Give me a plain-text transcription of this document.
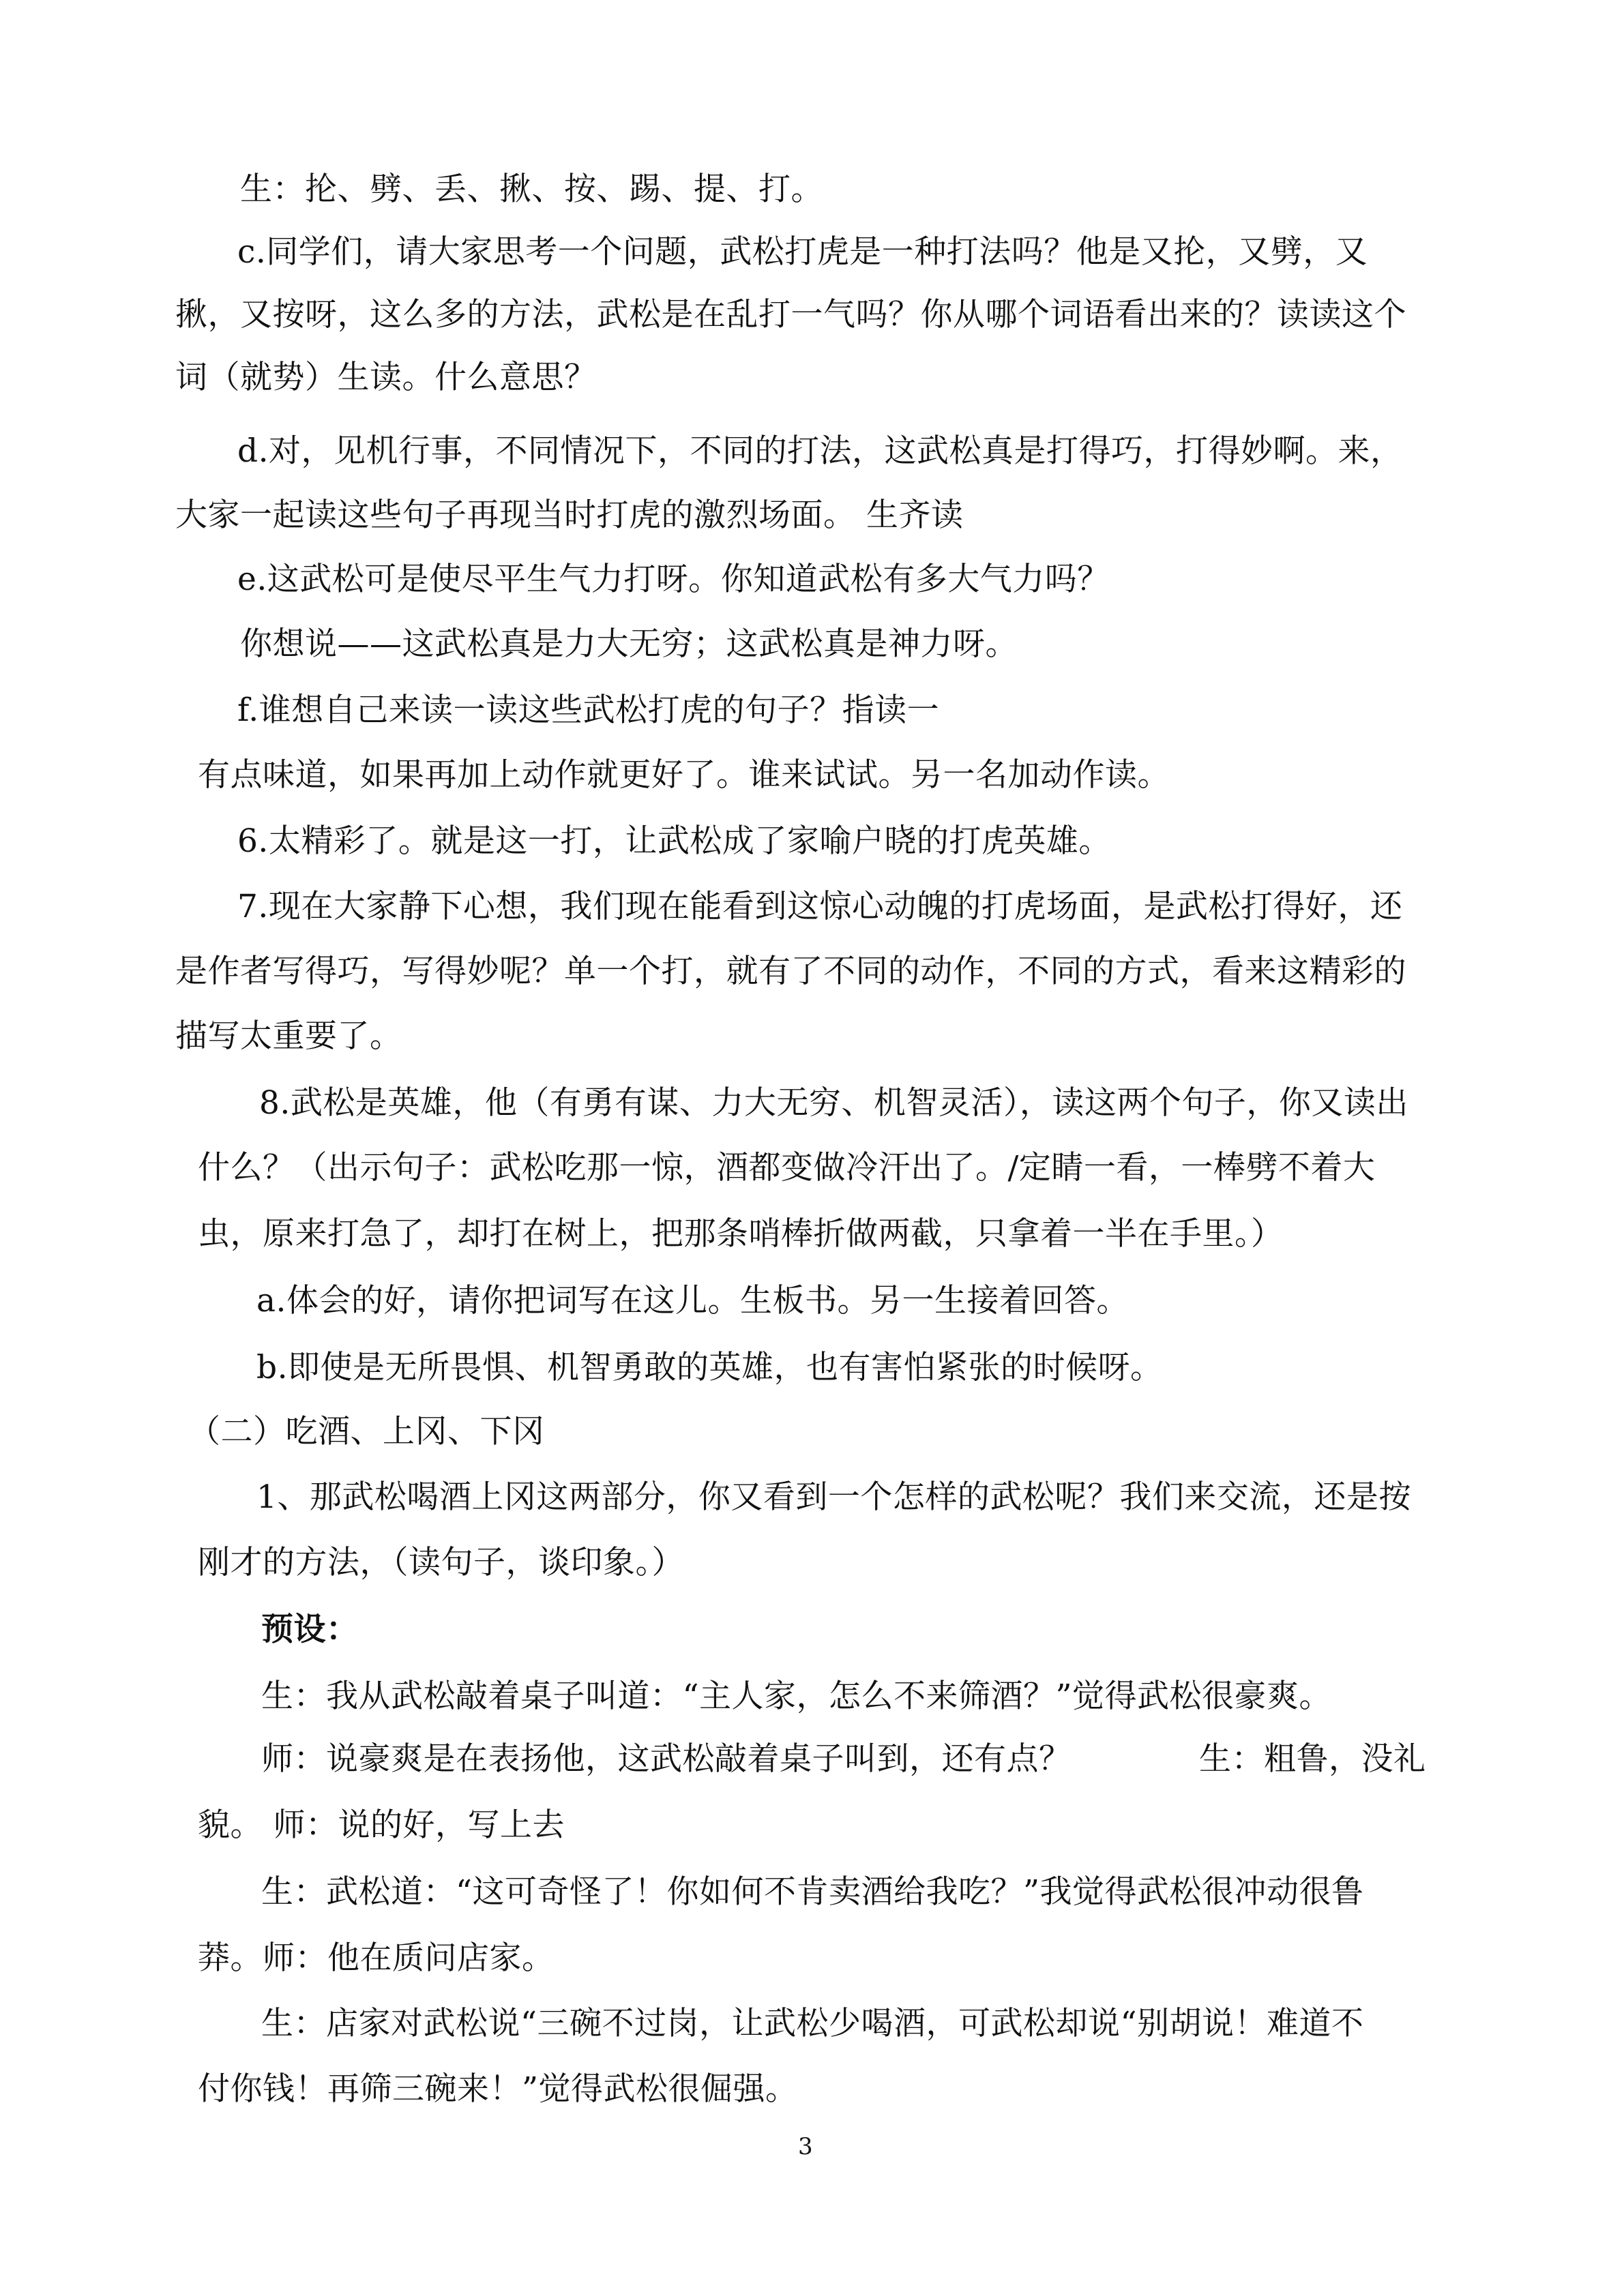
生：抡、劈、丢、揪、按、踢、提、打。
c.同学们，请大家思考一个问题，武松打虎是一种打法吗？他是又抡，又劈，又
揪，又按呀，这么多的方法，武松是在乱打一气吗？你从哪个词语看出来的？读读这个
词（就势）生读。什么意思？
d.对，见机行事，不同情况下，不同的打法，这武松真是打得巧，打得妙啊。来，
大家一起读这些句子再现当时打虎的激烈场面。 生齐读
e.这武松可是使尽平生气力打呀。你知道武松有多大气力吗？
你想说——这武松真是力大无穷；这武松真是神力呀。
f.谁想自己来读一读这些武松打虎的句子？指读一
有点味道，如果再加上动作就更好了。谁来试试。另一名加动作读。
6.太精彩了。就是这一打，让武松成了家喻户晓的打虎英雄。
7.现在大家静下心想，我们现在能看到这惊心动魄的打虎场面，是武松打得好，还
是作者写得巧，写得妙呢？单一个打，就有了不同的动作，不同的方式，看来这精彩的
描写太重要了。
8.武松是英雄，他（有勇有谋、力大无穷、机智灵活），读这两个句子，你又读出
什么？（出示句子：武松吃那一惊，酒都变做冷汗出了。/定睛一看，一棒劈不着大
虫，原来打急了，却打在树上，把那条哨棒折做两截，只拿着一半在手里。）
a.体会的好，请你把词写在这儿。生板书。另一生接着回答。
b.即使是无所畏惧、机智勇敢的英雄，也有害怕紧张的时候呀。
（二）吃酒、上冈、下冈
1、那武松喝酒上冈这两部分，你又看到一个怎样的武松呢？我们来交流，还是按
刚才的方法，（读句子，谈印象。）
预设：
生：我从武松敲着桌子叫道：“主人家，怎么不来筛酒？”觉得武松很豪爽。
师：说豪爽是在表扬他，这武松敲着桌子叫到，还有点？	生：粗鲁，没礼
貌。 师：说的好，写上去
生：武松道：“这可奇怪了！你如何不肯卖酒给我吃？”我觉得武松很冲动很鲁
莽。师：他在质问店家。
生：店家对武松说“三碗不过岗，让武松少喝酒，可武松却说“别胡说！难道不
付你钱！再筛三碗来！”觉得武松很倔强。
3
